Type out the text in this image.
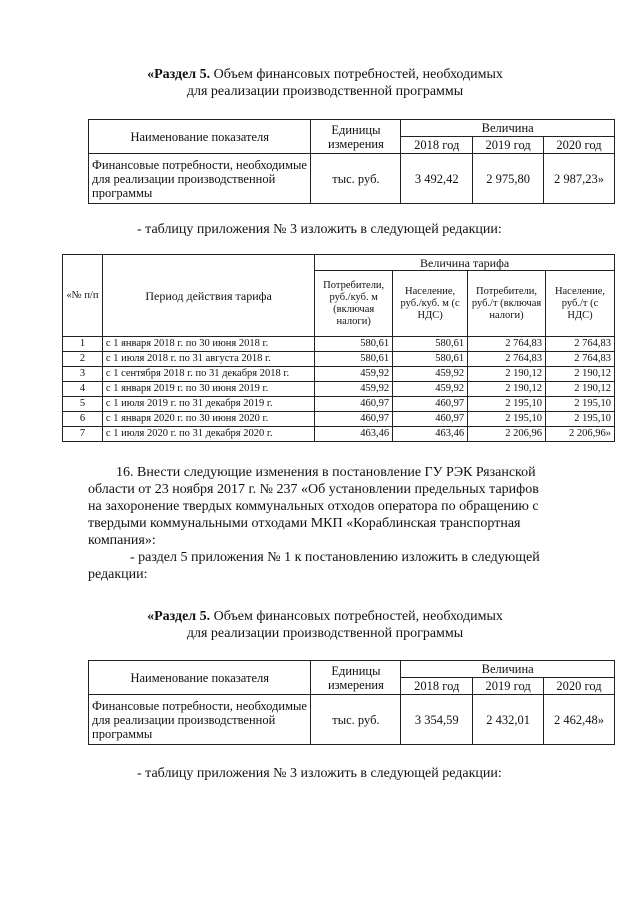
«Раздел 5. Объем финансовых потребностей, необходимых
для реализации производственной программы
Наименование показателя	Единицы измерения	Величина		
		2018 год	2019 год	2020 год
Финансовые потребности, необходимые для реализации производственной программы	тыс. руб.	3 492,42	2 975,80	2 987,23»
- таблицу приложения № 3 изложить в следующей редакции:
«№ п/п	Период действия тарифа	Величина тарифа			
		Потребители, руб./куб. м (включая налоги)	Население, руб./куб. м (с НДС)	Потребители, руб./т (включая налоги)	Население, руб./т (с НДС)
1	с 1 января 2018 г. по 30 июня 2018 г.	580,61	580,61	2 764,83	2 764,83
2	с 1 июля 2018 г. по 31 августа 2018 г.	580,61	580,61	2 764,83	2 764,83
3	с 1 сентября 2018 г. по 31 декабря 2018 г.	459,92	459,92	2 190,12	2 190,12
4	с 1 января 2019 г. по 30 июня 2019 г.	459,92	459,92	2 190,12	2 190,12
5	с 1 июля 2019 г. по 31 декабря 2019 г.	460,97	460,97	2 195,10	2 195,10
6	с 1 января 2020 г. по 30 июня 2020 г.	460,97	460,97	2 195,10	2 195,10
7	с 1 июля 2020 г. по 31 декабря 2020 г.	463,46	463,46	2 206,96	2 206,96»
16. Внести следующие изменения в постановление ГУ РЭК Рязанской
области от 23 ноября 2017 г. № 237 «Об установлении предельных тарифов
на захоронение твердых коммунальных отходов оператора по обращению с
твердыми коммунальными отходами МКП «Кораблинская транспортная
компания»:
- раздел 5 приложения № 1 к постановлению изложить в следующей
редакции:
«Раздел 5. Объем финансовых потребностей, необходимых
для реализации производственной программы
Наименование показателя	Единицы измерения	Величина		
		2018 год	2019 год	2020 год
Финансовые потребности, необходимые для реализации производственной программы	тыс. руб.	3 354,59	2 432,01	2 462,48»
- таблицу приложения № 3 изложить в следующей редакции:
